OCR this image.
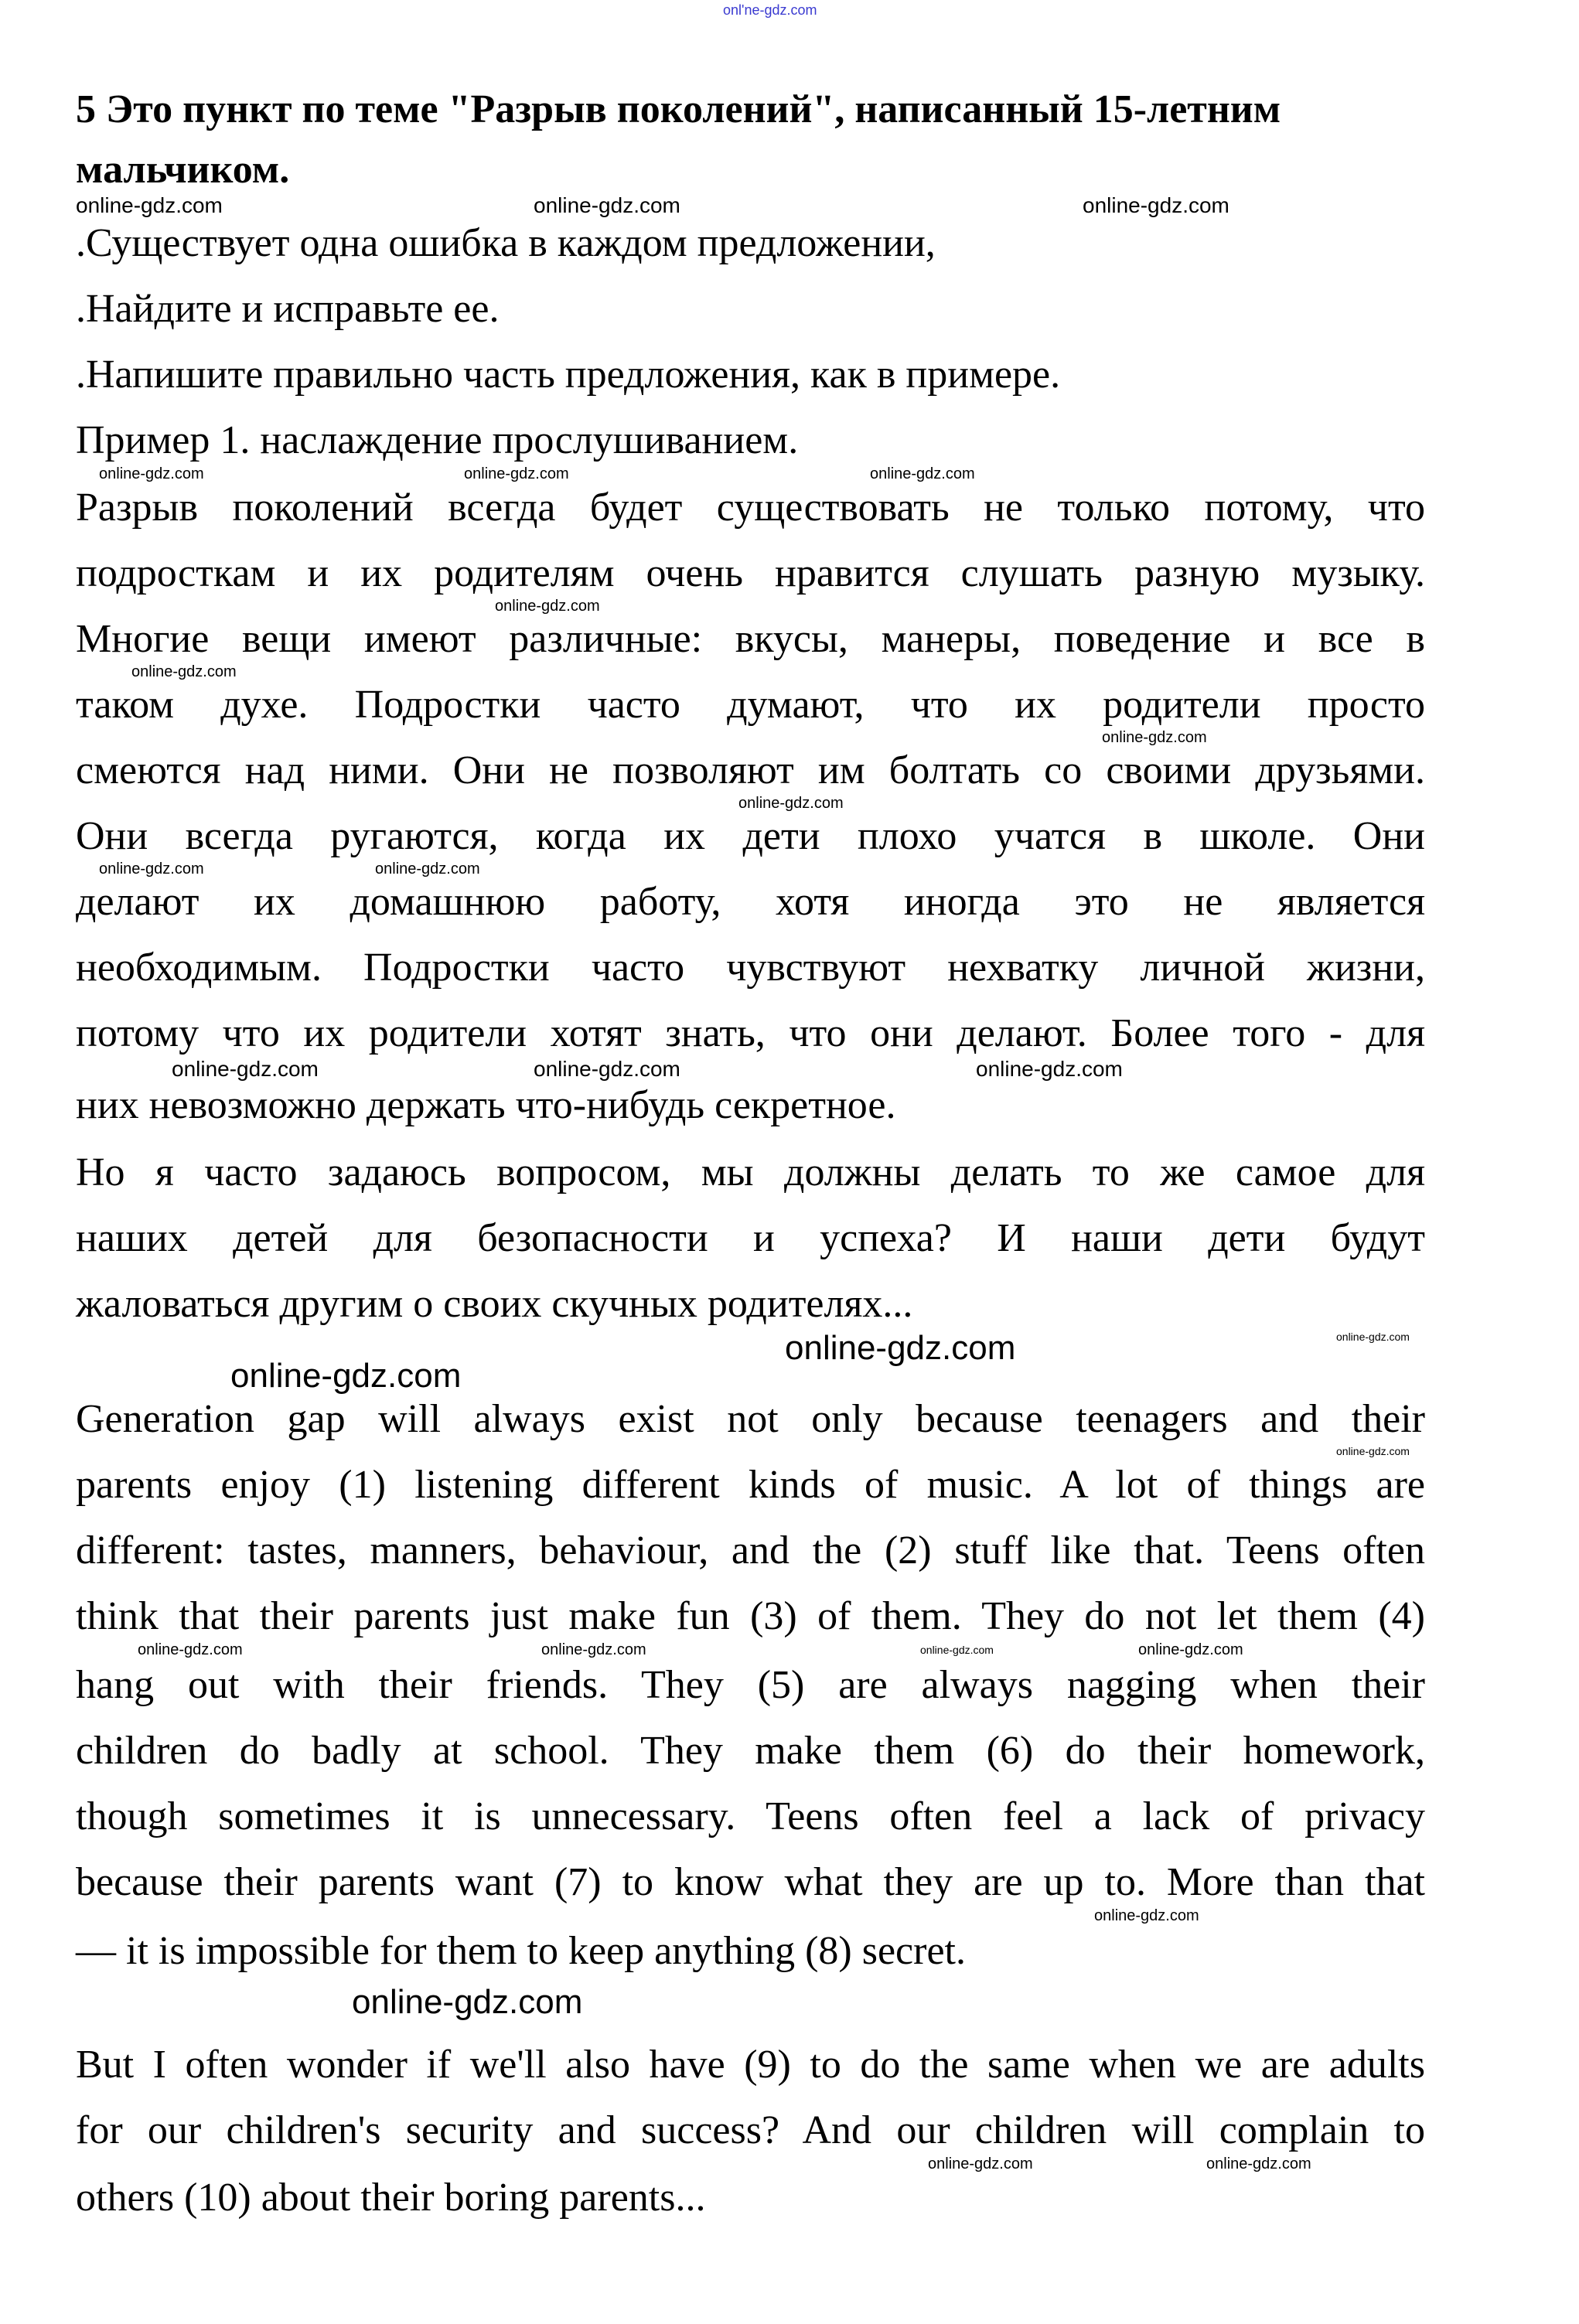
onl'ne-gdz.com
5 Это пункт по теме "Разрыв поколений", написанный 15-летним
мальчиком.
online-gdz.com	online-gdz.com	online-gdz.com
.Существует одна ошибка в каждом предложении,
.Найдите и исправьте ее.
.Напишите правильно часть предложения, как в примере.
Пример 1. наслаждение прослушиванием.
online-gdz.com	online-gdz.com	online-gdz.com
Разрыв поколений всегда будет существовать не только потому, что
подросткам и их родителям очень нравится слушать разную музыку.
online-gdz.com
Многие вещи имеют различные: вкусы, манеры, поведение и все в
online-gdz.com
таком духе. Подростки часто думают, что их родители просто
online-gdz.com
смеются над ними. Они не позволяют им болтать со своими друзьями.
online-gdz.com
Они всегда ругаются, когда их дети плохо учатся в школе. Они
online-gdz.com	online-gdz.com
делают их домашнюю работу, хотя иногда это не является
необходимым. Подростки часто чувствуют нехватку личной жизни,
потому что их родители хотят знать, что они делают. Более того - для
online-gdz.com	online-gdz.com	online-gdz.com
них невозможно держать что-нибудь секретное.
Но я часто задаюсь вопросом, мы должны делать то же самое для
наших детей для безопасности и успеха? И наши дети будут
жаловаться другим о своих скучных родителях...
online-gdz.com
online-gdz.com
online-gdz.com
Generation gap will always exist not only because teenagers and their
online-gdz.com
parents enjoy (1) listening different kinds of music. A lot of things are
different: tastes, manners, behaviour, and the (2) stuff like that. Teens often
think that their parents just make fun (3) of them. They do not let them (4)
online-gdz.com	online-gdz.com	online-gdz.com	online-gdz.com
hang out with their friends. They (5) are always nagging when their
children do badly at school. They make them (6) do their homework,
though sometimes it is unnecessary. Teens often feel a lack of privacy
because their parents want (7) to know what they are up to. More than that
online-gdz.com
— it is impossible for them to keep anything (8) secret.
online-gdz.com
But I often wonder if we'll also have (9) to do the same when we are adults
for our children's security and success? And our children will complain to
online-gdz.com	online-gdz.com
others (10) about their boring parents...
